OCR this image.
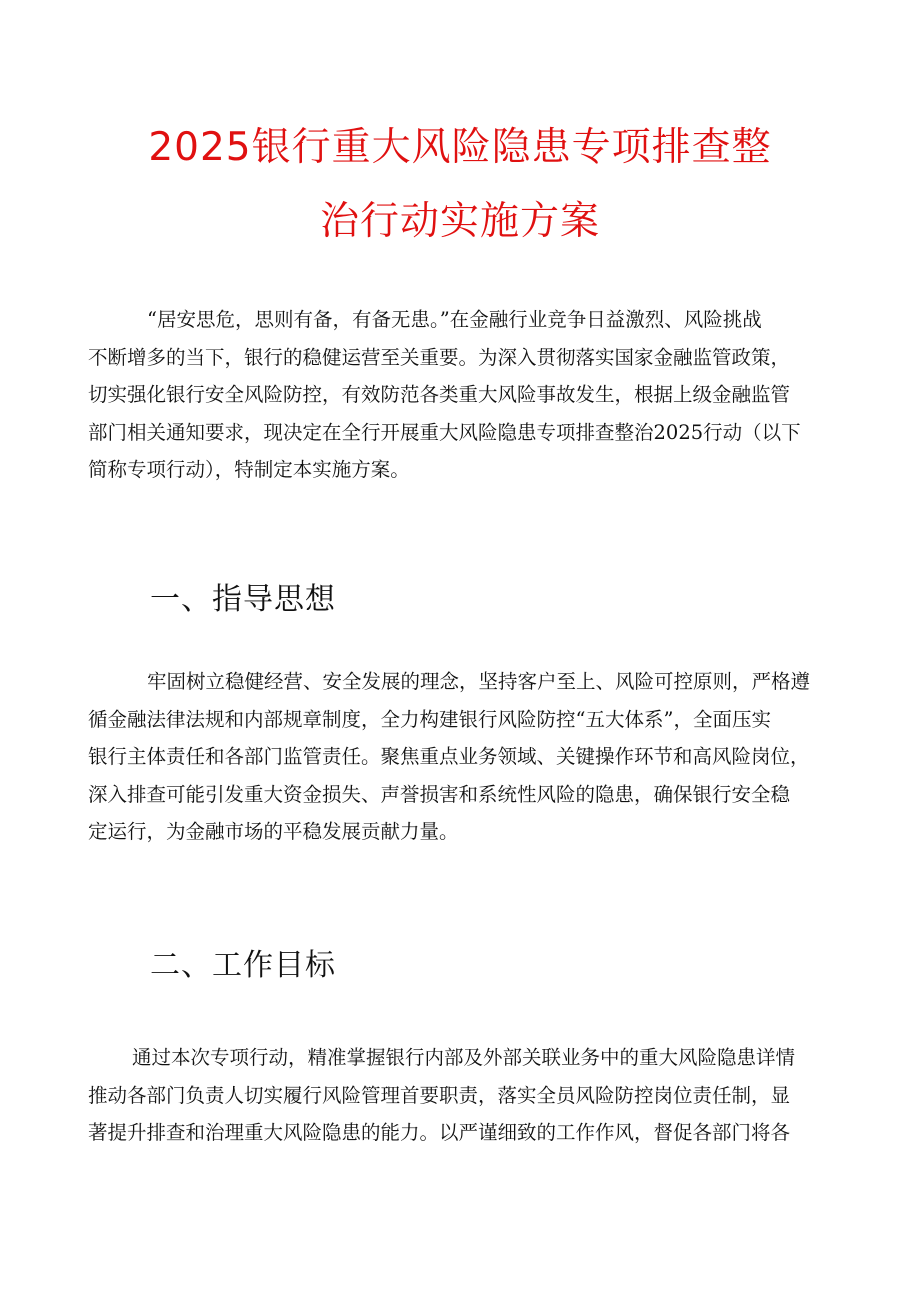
2025银行重大风险隐患专项排查整
治行动实施方案
“居安思危，思则有备，有备无患。”在金融行业竞争日益激烈、风险挑战
不断增多的当下，银行的稳健运营至关重要。为深入贯彻落实国家金融监管政策，
切实强化银行安全风险防控，有效防范各类重大风险事故发生，根据上级金融监管
部门相关通知要求，现决定在全行开展重大风险隐患专项排查整治2025行动（以下
简称专项行动），特制定本实施方案。
一、指导思想
牢固树立稳健经营、安全发展的理念，坚持客户至上、风险可控原则，严格遵
循金融法律法规和内部规章制度，全力构建银行风险防控“五大体系”，全面压实
银行主体责任和各部门监管责任。聚焦重点业务领域、关键操作环节和高风险岗位，
深入排查可能引发重大资金损失、声誉损害和系统性风险的隐患，确保银行安全稳
定运行，为金融市场的平稳发展贡献力量。
二、工作目标
通过本次专项行动，精准掌握银行内部及外部关联业务中的重大风险隐患详情
推动各部门负责人切实履行风险管理首要职责，落实全员风险防控岗位责任制，显
著提升排查和治理重大风险隐患的能力。以严谨细致的工作作风，督促各部门将各
